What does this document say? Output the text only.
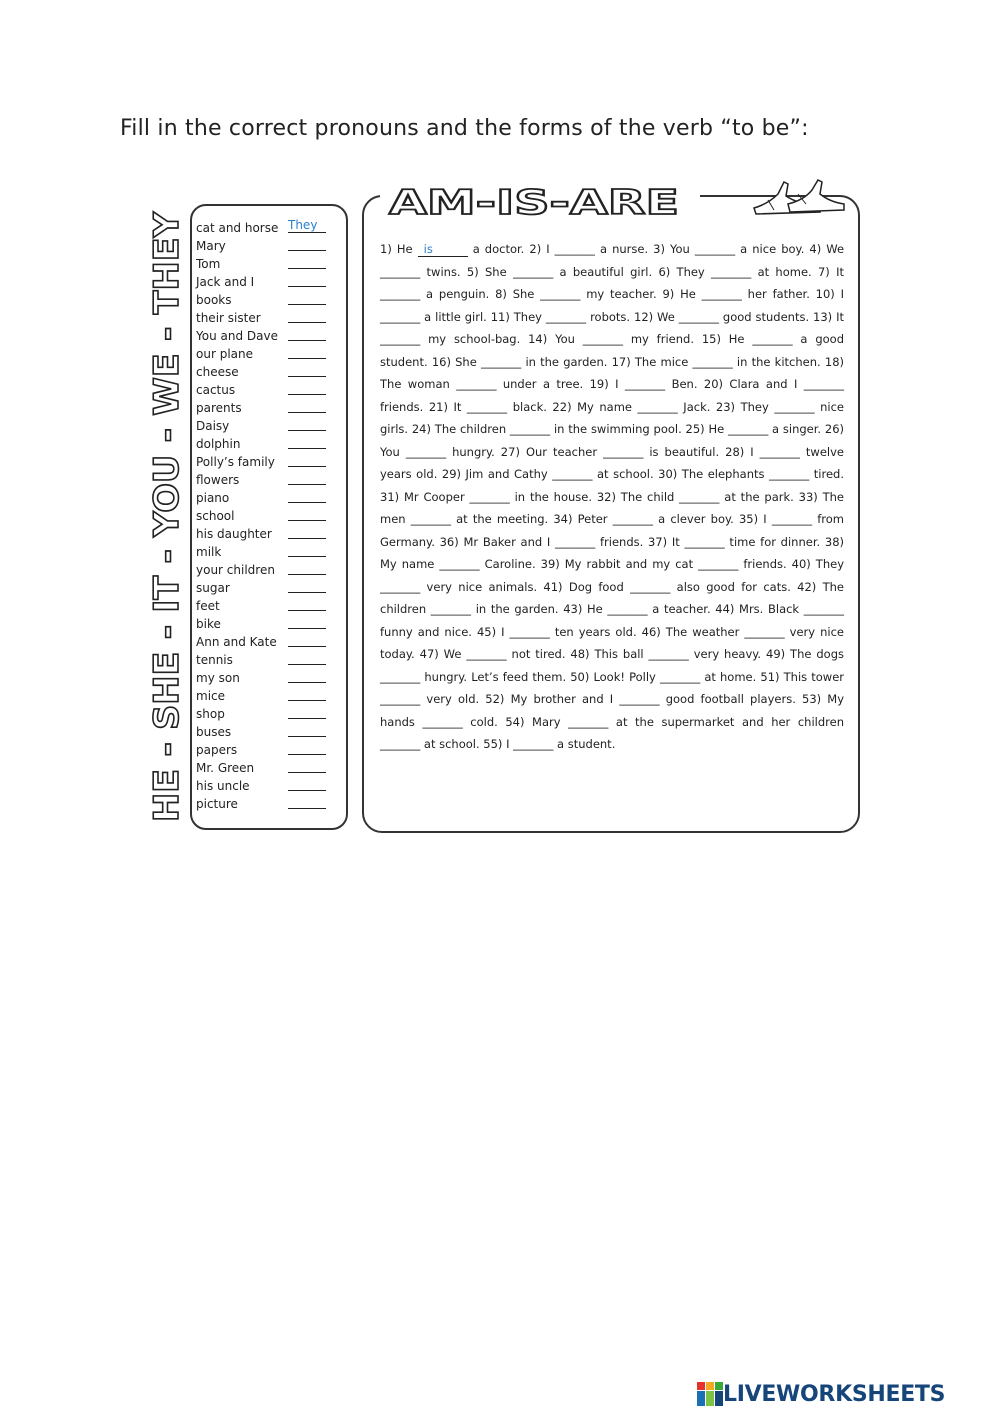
Fill in the correct pronouns and the forms of the verb “to be”:
HE - SHE - IT - YOU - WE - THEY
cat and horse They
Mary
Tom
Jack and I
books
their sister
You and Dave
our plane
cheese
cactus
parents
Daisy
dolphin
Polly’s family
flowers
piano
school
his daughter
milk
your children
sugar
feet
bike
Ann and Kate
tennis
my son
mice
shop
buses
papers
Mr. Green
his uncle
picture
AM-IS-ARE
1) He is	a doctor. 2) I _______ a nurse. 3) You _______ a nice boy. 4) We _______ twins. 5) She _______ a beautiful girl. 6) They _______ at home. 7) It _______ a penguin. 8) She _______ my teacher. 9) He _______ her father. 10) I _______ a little girl. 11) They _______ robots. 12) We _______ good students. 13) It _______ my school-bag. 14) You _______ my friend. 15) He _______ a good student. 16) She _______ in the garden. 17) The mice _______ in the kitchen. 18) The woman _______ under a tree. 19) I _______ Ben. 20) Clara and I _______ friends. 21) It _______ black. 22) My name _______ Jack. 23) They _______ nice girls. 24) The children _______ in the swimming pool. 25) He _______ a singer. 26) You _______ hungry. 27) Our teacher _______ is beautiful. 28) I _______ twelve years old. 29) Jim and Cathy _______ at school. 30) The elephants _______ tired. 31) Mr Cooper _______ in the house. 32) The child _______ at the park. 33) The men _______ at the meeting. 34) Peter _______ a clever boy. 35) I _______ from Germany. 36) Mr Baker and I _______ friends. 37) It _______ time for dinner. 38) My name _______ Caroline. 39) My rabbit and my cat _______ friends. 40) They _______ very nice animals. 41) Dog food _______ also good for cats. 42) The children _______ in the garden. 43) He _______ a teacher. 44) Mrs. Black _______ funny and nice. 45) I _______ ten years old. 46) The weather _______ very nice today. 47) We _______ not tired. 48) This ball _______ very heavy. 49) The dogs _______ hungry. Let’s feed them. 50) Look! Polly _______ at home. 51) This tower _______ very old. 52) My brother and I _______ good football players. 53) My hands _______ cold. 54) Mary _______ at the supermarket and her children _______ at school. 55) I _______ a student.
LIVEWORKSHEETS
